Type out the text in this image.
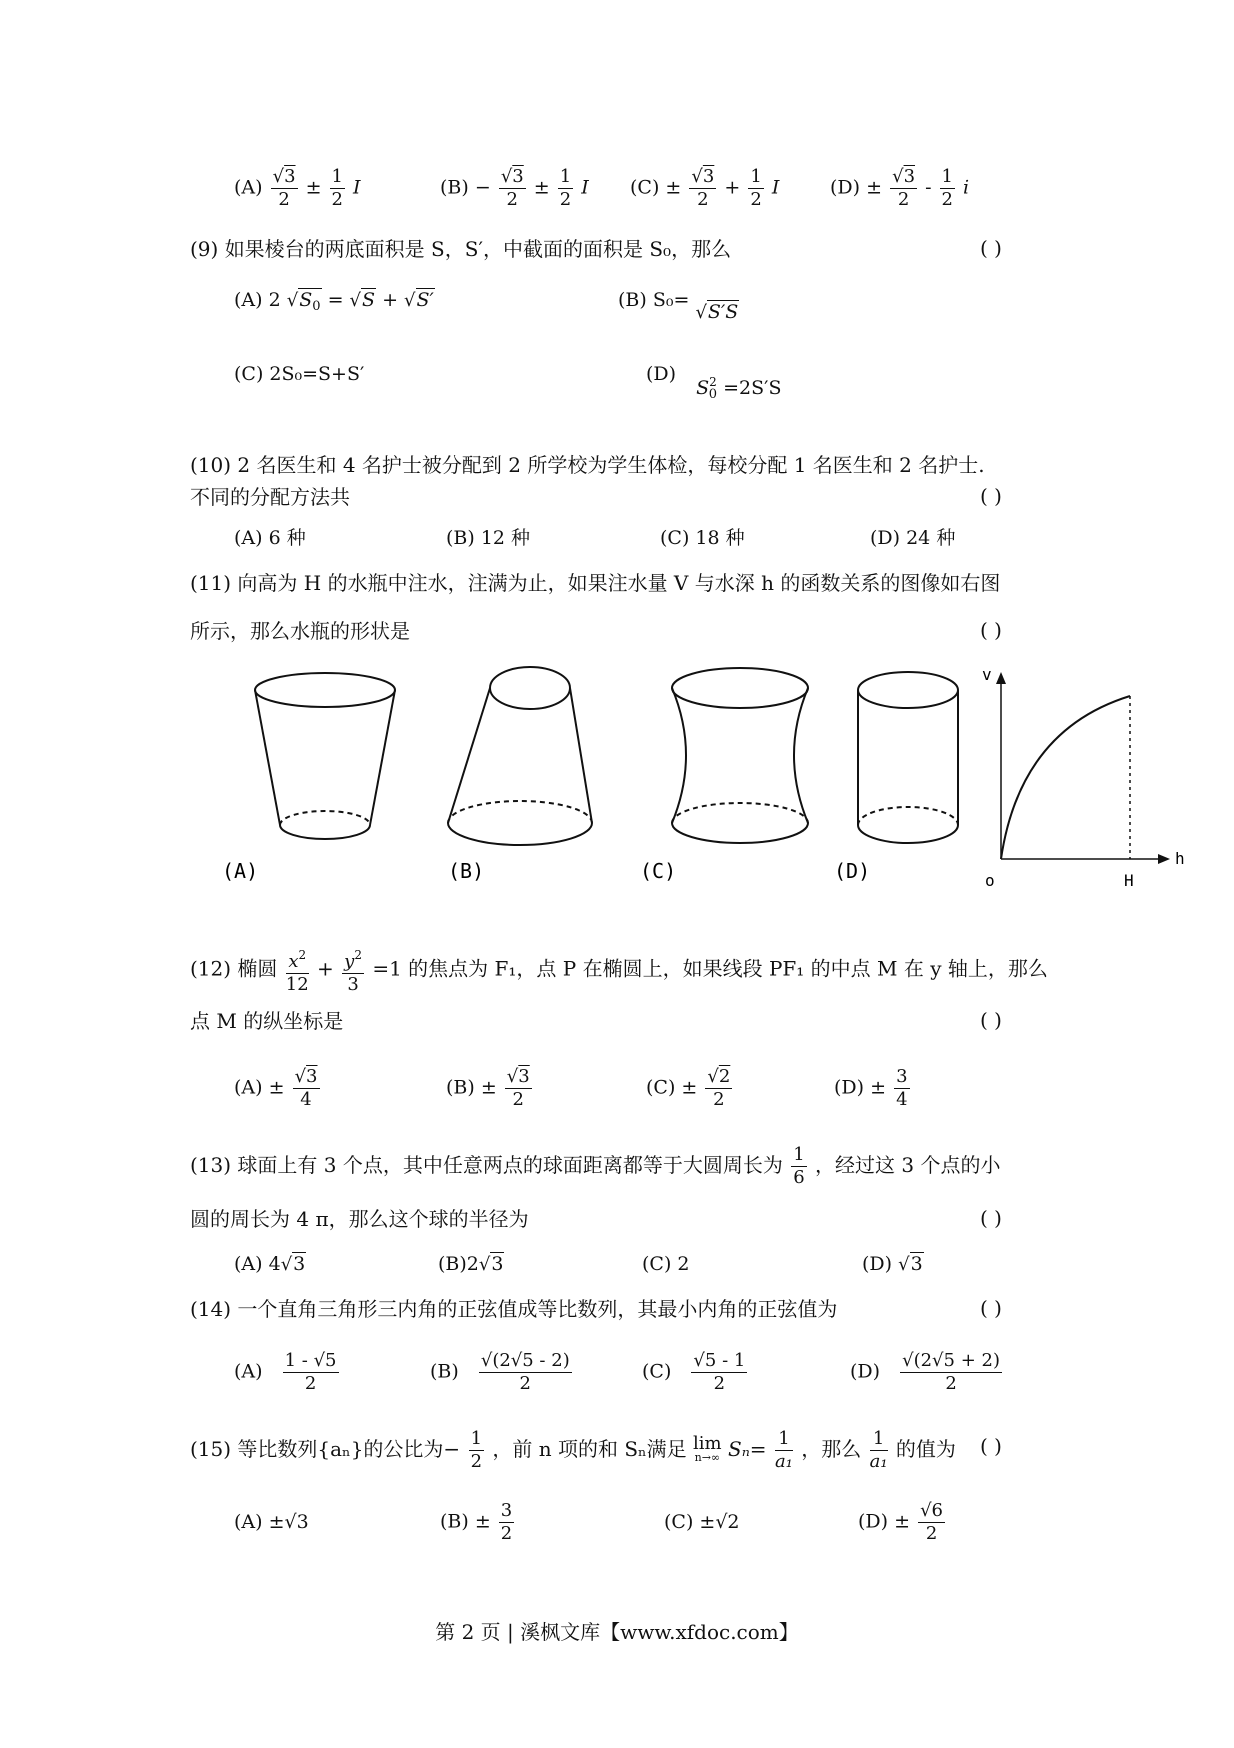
$(A) \frac{√3}{2} \pm \frac{1}{2}$ I	$(B) - \frac{√3}{2} \pm \frac{1}{2}$ I $(C) \pm \frac{√3}{2} + \frac{1}{2}$ I	$(D) \pm \frac{√3}{2} - \frac{1}{2}$ i
(9) 如果棱台的两底面积是 S，S′，中截面的面积是 S₀，那么	( )
(A) 2 $√S_0 = √S + √S'$	(B) S₀= √S′S
(C) 2S₀=S+S′	(D) $S^2_0 =2S'S$
(10) 2 名医生和 4 名护士被分配到 2 所学校为学生体检，每校分配 1 名医生和 2 名护士.
不同的分配方法共	( )
(A) 6 种	(B) 12 种	(C) 18 种	(D) 24 种
(11) 向高为 H 的水瓶中注水，注满为止，如果注水量 V 与水深 h 的函数关系的图像如右图
所示，那么水瓶的形状是	( )
(A)	(B)	(C)	(D)
v
h
o	H
(12) 椭圆 $\frac{x^2}{12} + \frac{y^2}{3} =1$ 的焦点为 F₁，点 P 在椭圆上，如果线段 PF₁ 的中点 M 在 y 轴上，那么
点 M 的纵坐标是	( )
$(A) \pm \frac{√3}{4}$	$(B) \pm \frac{√3}{2}$	$(C) \pm \frac{√2}{2}$	$(D) \pm \frac{3}{4}$
(13) 球面上有 3 个点，其中任意两点的球面距离都等于大圆周长为 $\frac{1}{6}$ ，经过这 3 个点的小
圆的周长为 4 π，那么这个球的半径为	( )
(A) 4√3	(B)2√3	(C) 2	(D) √3
(14) 一个直角三角形三内角的正弦值成等比数列，其最小内角的正弦值为	( )
$(A) \frac{1 - √5}{2}$	$(B) \frac{√(2√5 - 2)}{2}$	$(C) \frac{√5 - 1}{2}$	$(D) \frac{√(2√5 + 2)}{2}$
(15) 等比数列{aₙ}的公比为− $\frac{1}{2}$ ，前 n 项的和 Sₙ满足 lim
n→∞ $S_n= \frac{1}{\text{a₁}}$ ，那么 $\frac{1}{\text{a₁}}$ 的值为 ( )
(A) ±√3	$(B) \pm \frac{3}{2}$	(C) ±√2	$(D) \pm \frac{√6}{2}$
第 2 页 | 溪枫文库【www.xfdoc.com】
